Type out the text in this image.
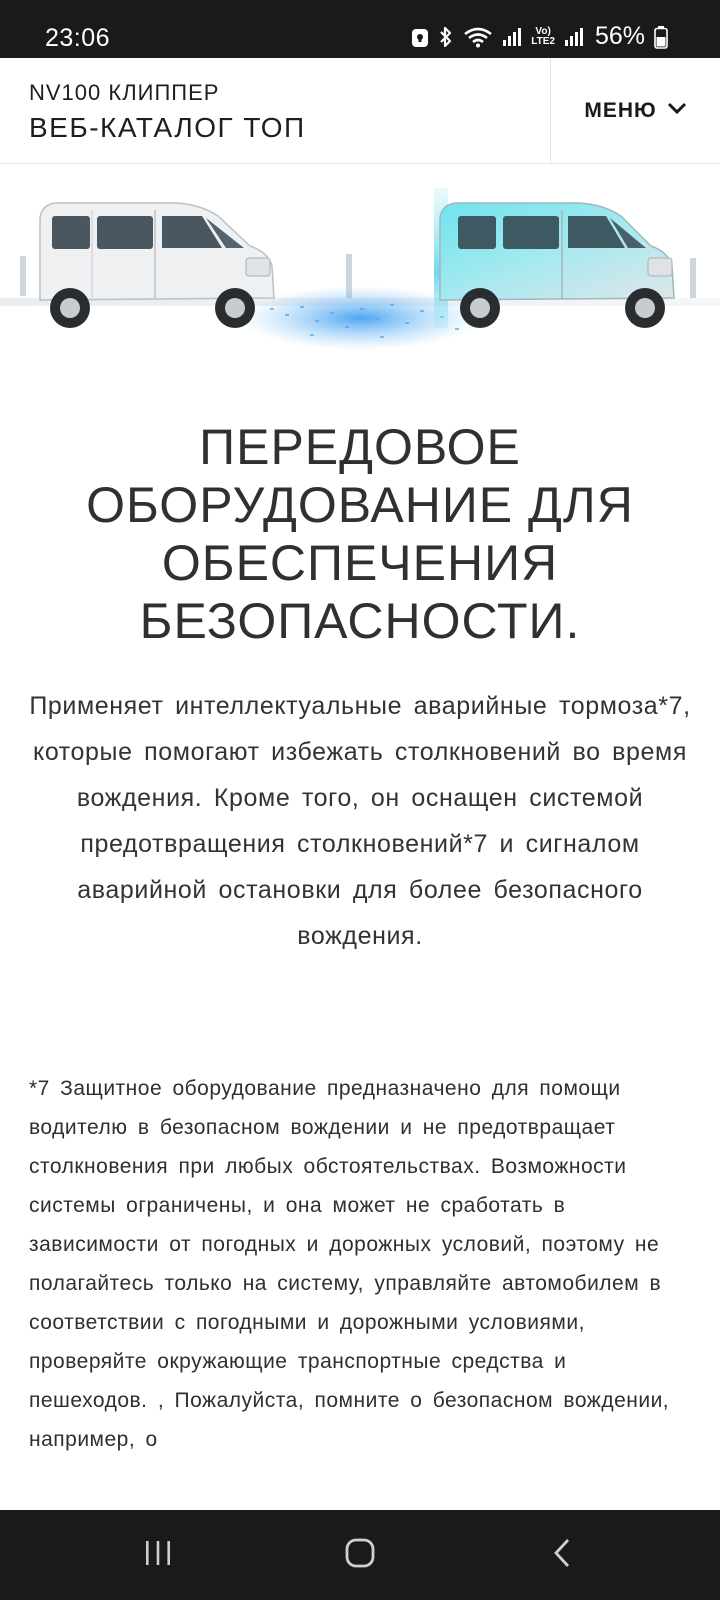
23:06	Vo)
LTE2 56%
NV100 КЛИППЕР
ВЕБ-КАТАЛОГ ТОП
МЕНЮ
ПЕРЕДОВОЕ ОБОРУДОВАНИЕ ДЛЯ ОБЕСПЕЧЕНИЯ БЕЗОПАСНОСТИ.

Применяет интеллектуальные аварийные тормоза*7, которые помогают избежать столкновений во время вождения. Кроме того, он оснащен системой предотвращения столкновений*7 и сигналом аварийной остановки для более безопасного вождения.

*7 Защитное оборудование предназначено для помощи водителю в безопасном вождении и не предотвращает столкновения при любых обстоятельствах. Возможности системы ограничены, и она может не сработать в зависимости от погодных и дорожных условий, поэтому не полагайтесь только на систему, управляйте автомобилем в соответствии с погодными и дорожными условиями, проверяйте окружающие транспортные средства и пешеходов. , Пожалуйста, помните о безопасном вождении, например, о
